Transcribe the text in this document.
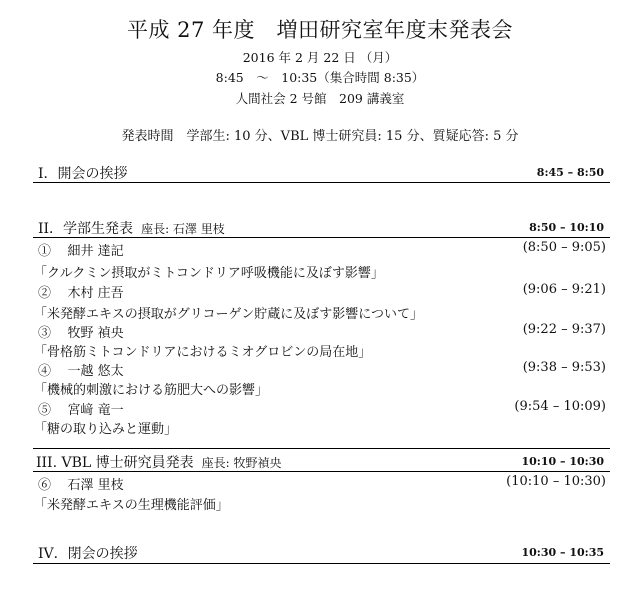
平成 27 年度　増田研究室年度末発表会
2016 年 2 月 22 日 （月）
8:45　～　10:35（集合時間 8:35）
人間社会 2 号館　209 講義室
発表時間　学部生: 10 分、VBL 博士研究員: 15 分、質疑応答: 5 分
I．開会の挨拶	8:45 – 8:50
II．学部生発表 座長: 石澤 里枝	8:50 – 10:10
① 細井 達記	(8:50 – 9:05)
「クルクミン摂取がミトコンドリア呼吸機能に及ぼす影響」
② 木村 庄吾	(9:06 – 9:21)
「米発酵エキスの摂取がグリコーゲン貯蔵に及ぼす影響について」
③ 牧野 禎央	(9:22 – 9:37)
「骨格筋ミトコンドリアにおけるミオグロビンの局在地」
④ 一越 悠太	(9:38 – 9:53)
「機械的刺激における筋肥大への影響」
⑤ 宮﨑 竜一	(9:54 – 10:09)
「糖の取り込みと運動」
III. VBL 博士研究員発表 座長: 牧野禎央	10:10 – 10:30
⑥ 石澤 里枝	(10:10 – 10:30)
「米発酵エキスの生理機能評価」
IV．閉会の挨拶	10:30 – 10:35
